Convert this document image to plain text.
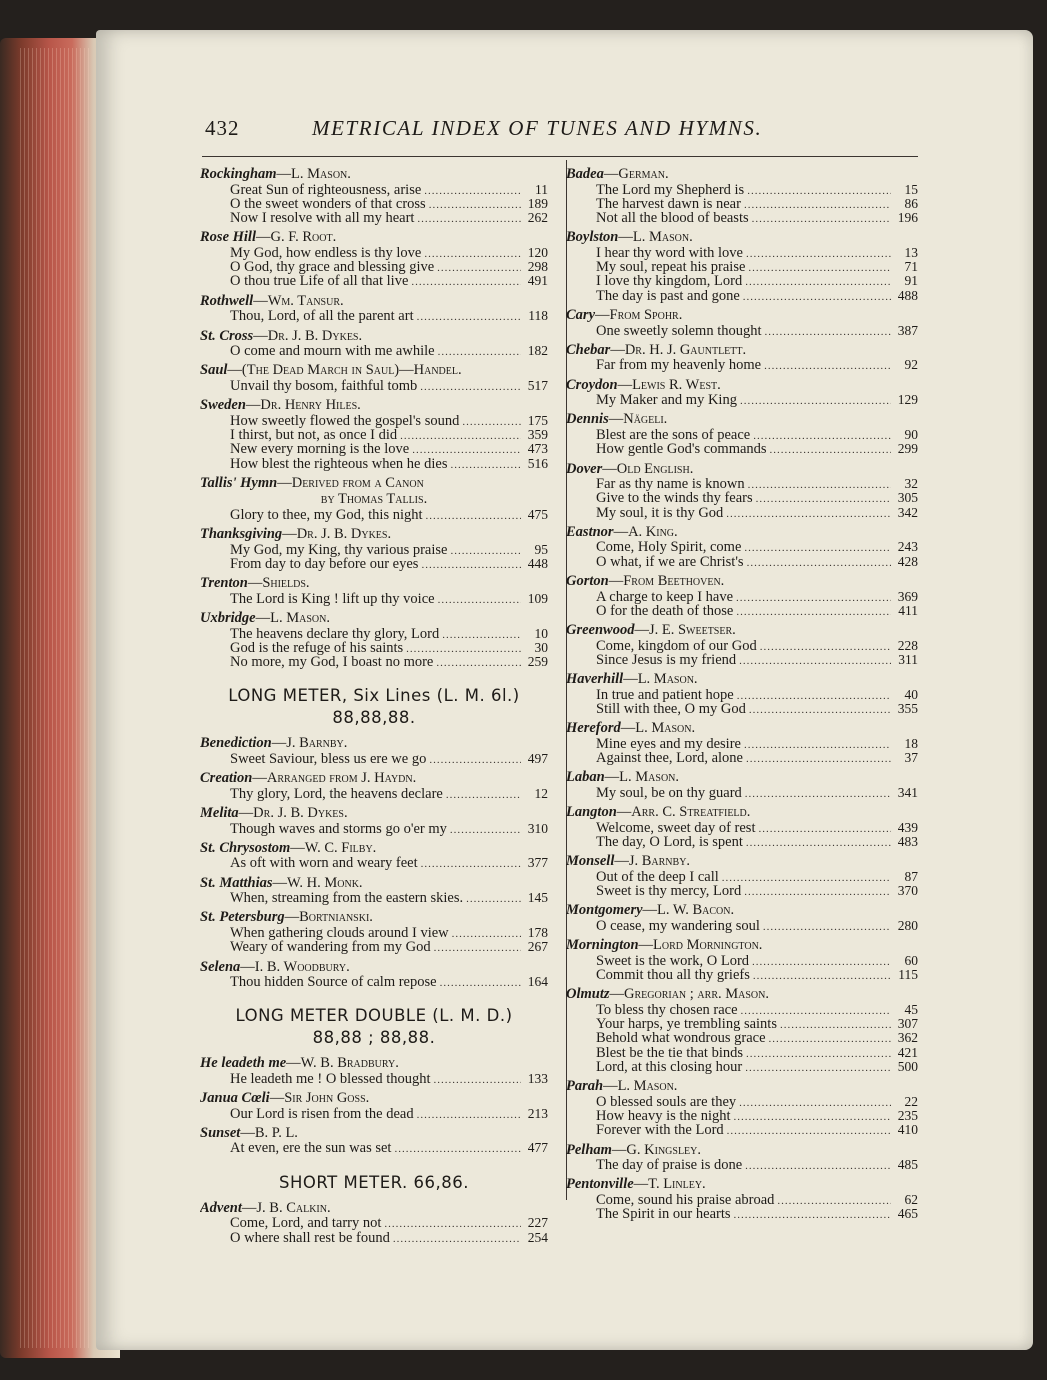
432	METRICAL INDEX OF TUNES AND HYMNS.
Rockingham—L. Mason.
Great Sun of righteousness, arise .....	11
O the sweet wonders of that cross .....	189
Now I resolve with all my heart .....	262
Rose Hill—G. F. Root.
My God, how endless is thy love .....	120
O God, thy grace and blessing give .....	298
O thou true Life of all that live .....	491
Rothwell—Wm. Tansur.
Thou, Lord, of all the parent art .....	118
St. Cross—Dr. J. B. Dykes.
O come and mourn with me awhile .....	182
Saul—(The Dead March in Saul)—Handel.
Unvail thy bosom, faithful tomb .....	517
Sweden—Dr. Henry Hiles.
How sweetly flowed the gospel's sound .....	175
I thirst, but not, as once I did .....	359
New every morning is the love .....	473
How blest the righteous when he dies .....	516
Tallis' Hymn—Derived from a Canon
by Thomas Tallis.
Glory to thee, my God, this night .....	475
Thanksgiving—Dr. J. B. Dykes.
My God, my King, thy various praise .....	95
From day to day before our eyes .....	448
Trenton—Shields.
The Lord is King ! lift up thy voice .....	109
Uxbridge—L. Mason.
The heavens declare thy glory, Lord .....	10
God is the refuge of his saints .....	30
No more, my God, I boast no more .....	259
LONG METER, Six Lines (L. M. 6l.)
88,88,88.
Benediction—J. Barnby.
Sweet Saviour, bless us ere we go .....	497
Creation—Arranged from J. Haydn.
Thy glory, Lord, the heavens declare .....	12
Melita—Dr. J. B. Dykes.
Though waves and storms go o'er my .....	310
St. Chrysostom—W. C. Filby.
As oft with worn and weary feet .....	377
St. Matthias—W. H. Monk.
When, streaming from the eastern skies. .....	145
St. Petersburg—Bortnianski.
When gathering clouds around I view .....	178
Weary of wandering from my God .....	267
Selena—I. B. Woodbury.
Thou hidden Source of calm repose .....	164
LONG METER DOUBLE (L. M. D.)
88,88 ; 88,88.
He leadeth me—W. B. Bradbury.
He leadeth me ! O blessed thought .....	133
Janua Cœli—Sir John Goss.
Our Lord is risen from the dead .....	213
Sunset—B. P. L.
At even, ere the sun was set .....	477
SHORT METER. 66,86.
Advent—J. B. Calkin.
Come, Lord, and tarry not .....	227
O where shall rest be found .....	254
Badea—German.
The Lord my Shepherd is .....	15
The harvest dawn is near .....	86
Not all the blood of beasts .....	196
Boylston—L. Mason.
I hear thy word with love .....	13
My soul, repeat his praise .....	71
I love thy kingdom, Lord .....	91
The day is past and gone .....	488
Cary—From Spohr.
One sweetly solemn thought .....	387
Chebar—Dr. H. J. Gauntlett.
Far from my heavenly home .....	92
Croydon—Lewis R. West.
My Maker and my King .....	129
Dennis—Nägeli.
Blest are the sons of peace .....	90
How gentle God's commands .....	299
Dover—Old English.
Far as thy name is known .....	32
Give to the winds thy fears .....	305
My soul, it is thy God .....	342
Eastnor—A. King.
Come, Holy Spirit, come .....	243
O what, if we are Christ's .....	428
Gorton—From Beethoven.
A charge to keep I have .....	369
O for the death of those .....	411
Greenwood—J. E. Sweetser.
Come, kingdom of our God .....	228
Since Jesus is my friend .....	311
Haverhill—L. Mason.
In true and patient hope .....	40
Still with thee, O my God .....	355
Hereford—L. Mason.
Mine eyes and my desire .....	18
Against thee, Lord, alone .....	37
Laban—L. Mason.
My soul, be on thy guard .....	341
Langton—Arr. C. Streatfield.
Welcome, sweet day of rest .....	439
The day, O Lord, is spent .....	483
Monsell—J. Barnby.
Out of the deep I call .....	87
Sweet is thy mercy, Lord .....	370
Montgomery—L. W. Bacon.
O cease, my wandering soul .....	280
Mornington—Lord Mornington.
Sweet is the work, O Lord .....	60
Commit thou all thy griefs .....	115
Olmutz—Gregorian ; arr. Mason.
To bless thy chosen race .....	45
Your harps, ye trembling saints .....	307
Behold what wondrous grace .....	362
Blest be the tie that binds .....	421
Lord, at this closing hour .....	500
Parah—L. Mason.
O blessed souls are they .....	22
How heavy is the night .....	235
Forever with the Lord .....	410
Pelham—G. Kingsley.
The day of praise is done .....	485
Pentonville—T. Linley.
Come, sound his praise abroad .....	62
The Spirit in our hearts .....	465
